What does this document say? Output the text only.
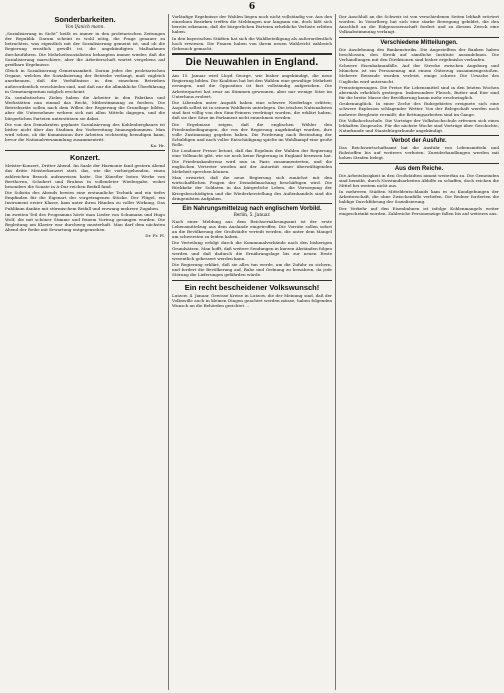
6
Sonderbarkeiten.
Von Ifanich mann.

„Sozialisierung in Sicht“ heißt es immer in den proletarischen Zeitungen der Republik. Darum scheint es wohl nötig, die Frage genauer zu betrachten, was eigentlich mit der Sozialisierung gemeint ist, und ob die Regierung ernstlich gewillt ist, die angekündigten Maßnahmen durchzuführen. Die Mehrheitssozialisten behaupten immer wieder, daß die Sozialisierung marschiere, aber die Arbeiterschaft wartet vergebens auf greifbare Ergebnisse.

Gleich in Sozialisierung Gemeinsamkeit. Darum jedes der proletarischen Organe, welches die Sozialisierung der Betriebe verlangt, muß zugleich anerkennen, daß die Verhältnisse in den einzelnen Betrieben außerordentlich verschieden sind, und daß nur die allmähliche Überführung in Gemeineigentum möglich erscheint.

Zu sozialistischen Zielen haben die Arbeiter in den Fabriken und Werkstätten nun einmal das Recht, Mitbestimmung zu fordern. Die Betriebsräte sollen nach dem Willen der Regierung die Grundlage bilden, aber die Unternehmer wehren sich mit allen Mitteln dagegen, und die bürgerlichen Parteien unterstützen sie dabei.

Die von den Demokraten geplante Sozialisierung des Kohlenbergbaues ist bisher nicht über das Stadium der Vorbereitung hinausgekommen. Man wird sehen, ob die Kommission ihre Arbeiten rechtzeitig beendigen kann, bevor die Nationalversammlung zusammentritt.

Ka. Hr.
Konzert.

Meister-Konzert, Dritter Abend. Im Saale der Harmonie fand gestern Abend das dritte Meisterkonzert statt, das, wie die vorhergehenden, einen zahlreichen Besuch aufzuweisen hatte. Die Künstler boten Werke von Beethoven, Schubert und Brahms in vollendeter Wiedergabe, wobei besonders die Sonate in A-Dur reichen Beifall fand.

Die Solistin des Abends bewies eine erstaunliche Technik und ein tiefes Empfinden für die Eigenart der vorgetragenen Stücke. Der Flügel, ein Instrument erster Klasse, kam unter ihren Händen zu voller Wirkung. Das Publikum dankte mit stürmischem Beifall und erzwang mehrere Zugaben.

Im zweiten Teil des Programms hörte man Lieder von Schumann und Hugo Wolf, die mit schöner Stimme und feinem Vortrag gesungen wurden. Die Begleitung am Klavier war durchweg musterhaft. Man darf dem nächsten Abend der Reihe mit Erwartung entgegensehen.

Dr. Fr. Pl.

Vorläufige Ergebnisse der Wahlen liegen noch nicht vollständig vor. Aus den einzelnen Bezirken treffen die Meldungen nur langsam ein, doch läßt sich bereits erkennen, daß die bürgerlichen Parteien erhebliche Verluste erlitten haben.

In den bayerischen Städten hat sich die Wahlbeteiligung als außerordentlich hoch erwiesen. Die Frauen haben von ihrem neuen Wahlrecht zahlreich Gebrauch gemacht.

Die Neuwahlen in England.

Am 15. Januar wird Lloyd George, wie bisher angekündigt, die neue Regierung bilden. Die Koalition hat bei den Wahlen eine gewaltige Mehrheit errungen, und die Opposition ist fast vollständig aufgerieben. Die Arbeiterpartei hat zwar an Stimmen gewonnen, aber nur wenige Sitze im Unterhaus erobert.

Die Liberalen unter Asquith haben eine schwere Niederlage erlitten; Asquith selbst ist in seinem Wahlkreis unterlegen. Die irischen Nationalisten sind fast völlig von den Sinn-Feinern verdrängt worden, die erklärt haben, daß sie ihre Sitze im Parlament nicht einnehmen werden.

Die Ergebnisse zeigen, daß die englischen Wähler den Friedensbedingungen, die von der Regierung angekündigt wurden, ihre volle Zustimmung gegeben haben. Die Forderung nach Bestrafung der Schuldigen und nach voller Entschädigung spielte im Wahlkampf eine große Rolle.

Die Londoner Presse betont, daß das Ergebnis der Wahlen der Regierung eine Vollmacht gibt, wie sie noch keine Regierung in England besessen hat. Die Friedenskonferenz wird nun in Paris zusammentreten, und die englischen Vertreter werden mit der Autorität einer überwältigenden Mehrheit sprechen können.

Man erwartet, daß die neue Regierung sich zunächst mit den wirtschaftlichen Fragen der Demobilmachung beschäftigen wird. Die Rückkehr der Soldaten in das bürgerliche Leben, die Versorgung der Kriegsbeschädigten und die Wiederherstellung des Außenhandels sind die dringendsten Aufgaben.

Ein Nahrungsmittelzug nach englischem Vorbild.
Berlin, 5. Januar.

Nach einer Meldung aus dem Reichsernährungsamt ist der erste Lebensmittelzug aus dem Auslande eingetroffen. Die Vorräte sollen sofort an die Bevölkerung der Großstädte verteilt werden, die unter dem Mangel am schwersten zu leiden haben.

Die Verteilung erfolgt durch die Kommunalverbände nach den bisherigen Grundsätzen. Man hofft, daß weitere Sendungen in kurzen Abständen folgen werden und daß dadurch die Ernährungslage bis zur neuen Ernte wesentlich gebessert werden kann.

Die Regierung erklärt, daß sie alles tun werde, um die Zufuhr zu sichern, und fordert die Bevölkerung auf, Ruhe und Ordnung zu bewahren, da jede Störung die Lieferungen gefährden würde.

Ein recht bescheidener Volkswunsch!

Lutzow, 4. Januar. Gewisse Kreise in Lutzow, die der Meinung sind, daß der Volkswille auch in kleinen Dingen geachtet werden müsse, haben folgenden Wunsch an die Behörden gerichtet ...

Der Anschluß an die Schweiz ist von verschiedenen Seiten lebhaft erörtert worden. In Vorarlberg hat sich eine starke Bewegung gebildet, die den Anschluß an die Eidgenossenschaft fordert und zu diesem Zweck eine Volksabstimmung verlangt.

Verschiedene Mitteilungen.

Die Ausdehnung des Bankenstreiks. Die Angestellten der Banken haben beschlossen, den Streik auf sämtliche Institute auszudehnen. Die Verhandlungen mit den Direktionen sind bisher ergebnislos verlaufen.

Schwere Eisenbahnunfälle. Auf der Strecke zwischen Augsburg und München ist ein Personenzug mit einem Güterzug zusammengestoßen. Mehrere Reisende wurden verletzt, einige schwer. Die Ursache des Unglücks wird untersucht.

Preissteigerungen. Die Preise für Lebensmittel sind in den letzten Wochen abermals erheblich gestiegen. Insbesondere Fleisch, Butter und Eier sind für die breite Masse der Bevölkerung kaum mehr erschwinglich.

Grubenunglück. In einer Zeche des Ruhrgebietes ereignete sich eine schwere Explosion schlagender Wetter. Von der Belegschaft werden noch mehrere Bergleute vermißt; die Rettungsarbeiten sind im Gange.

Die Volkshochschule. Die Vorträge der Volkshochschule erfreuen sich eines lebhaften Zuspruchs. Für die nächste Woche sind Vorträge über Geschichte, Naturkunde und Staatsbürgerkunde angekündigt.

Verbot der Ausfuhr.

Das Reichswirtschaftsamt hat die Ausfuhr von Lebensmitteln und Rohstoffen bis auf weiteres verboten. Zuwiderhandlungen werden mit hohen Strafen belegt.

Aus dem Reiche.

Die Arbeitslosigkeit in den Großstädten nimmt weiterhin zu. Die Gemeinden sind bemüht, durch Notstandsarbeiten Abhilfe zu schaffen, doch reichen die Mittel bei weitem nicht aus.

In mehreren Städten Mitteldeutschlands kam es zu Kundgebungen der Arbeiterschaft, die ohne Zwischenfälle verliefen. Die Redner forderten die baldige Durchführung der Sozialisierung.

Der Verkehr auf den Eisenbahnen ist infolge Kohlenmangels weiter eingeschränkt worden. Zahlreiche Personenzüge fallen bis auf weiteres aus.
